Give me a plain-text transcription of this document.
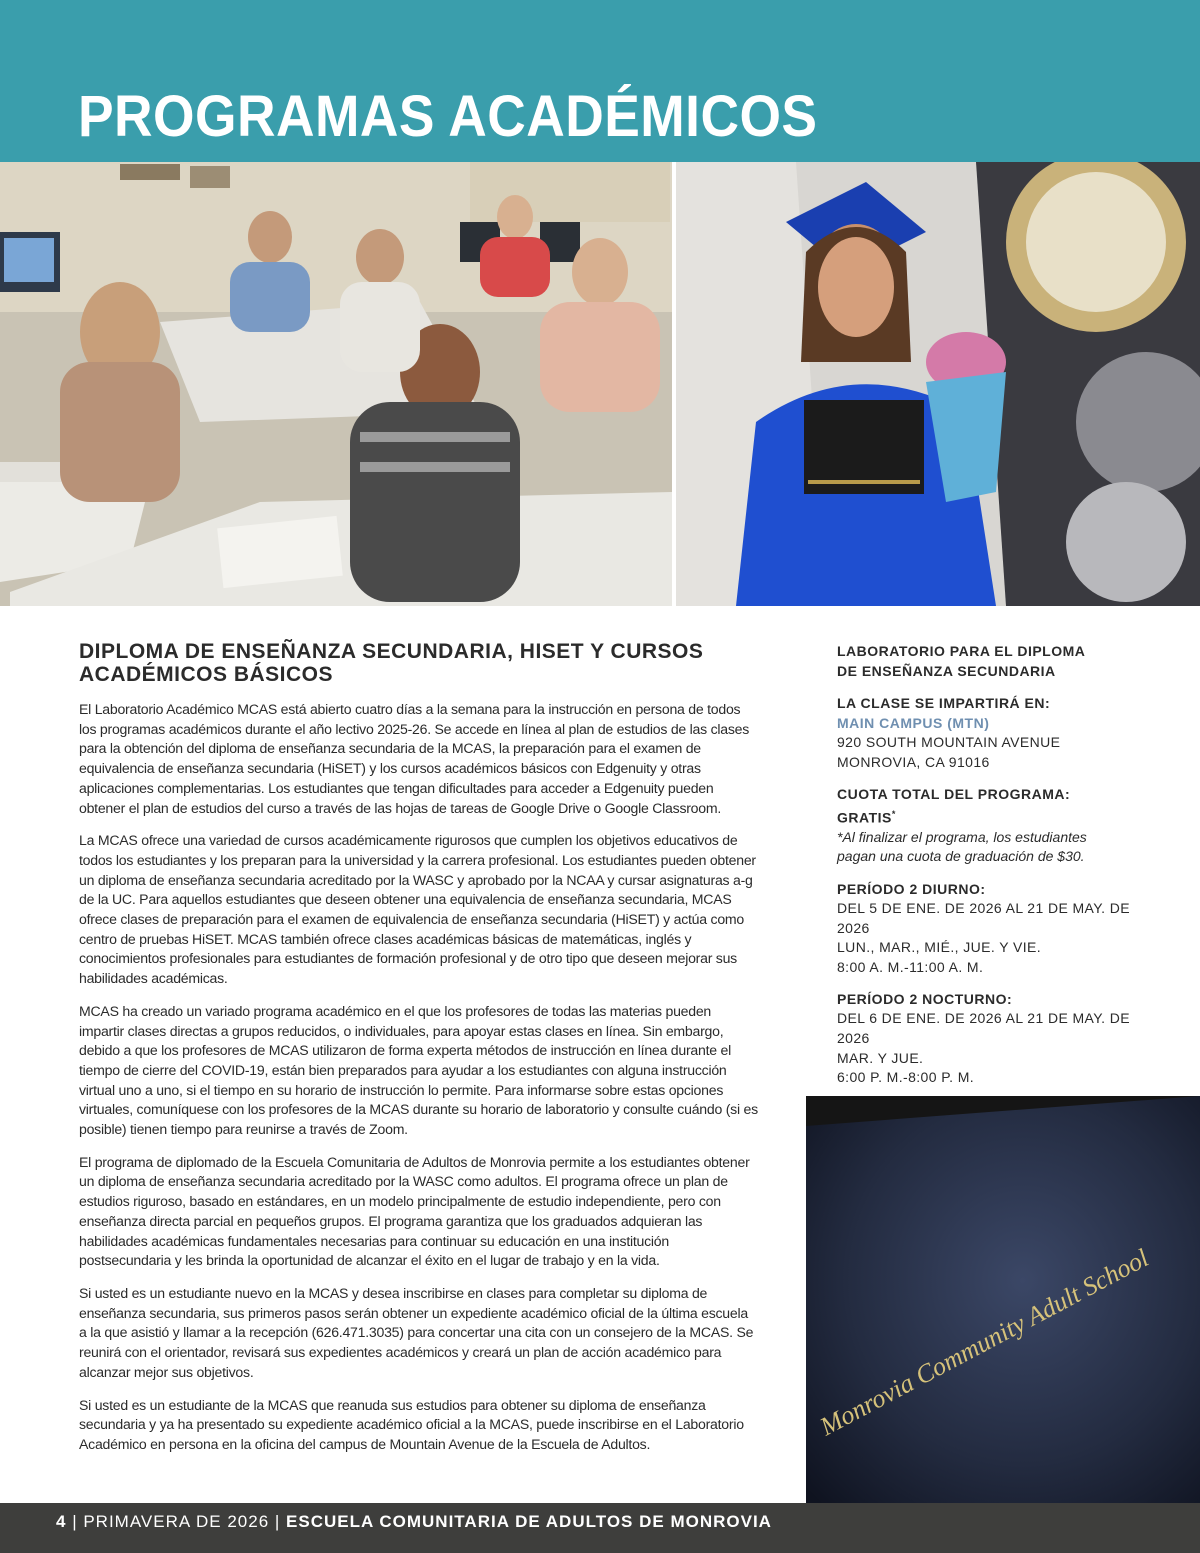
PROGRAMAS ACADÉMICOS
DIPLOMA DE ENSEÑANZA SECUNDARIA, HISET Y CURSOS ACADÉMICOS BÁSICOS

El Laboratorio Académico MCAS está abierto cuatro días a la semana para la instrucción en persona de todos los programas académicos durante el año lectivo 2025-26. Se accede en línea al plan de estudios de las clases para la obtención del diploma de enseñanza secundaria de la MCAS, la preparación para el examen de equivalencia de enseñanza secundaria (HiSET) y los cursos académicos básicos con Edgenuity y otras aplicaciones complementarias. Los estudiantes que tengan dificultades para acceder a Edgenuity pueden obtener el plan de estudios del curso a través de las hojas de tareas de Google Drive o Google Classroom.

La MCAS ofrece una variedad de cursos académicamente rigurosos que cumplen los objetivos educativos de todos los estudiantes y los preparan para la universidad y la carrera profesional. Los estudiantes pueden obtener un diploma de enseñanza secundaria acreditado por la WASC y aprobado por la NCAA y cursar asignaturas a-g de la UC. Para aquellos estudiantes que deseen obtener una equivalencia de enseñanza secundaria, MCAS ofrece clases de preparación para el examen de equivalencia de enseñanza secundaria (HiSET) y actúa como centro de pruebas HiSET. MCAS también ofrece clases académicas básicas de matemáticas, inglés y conocimientos profesionales para estudiantes de formación profesional y de otro tipo que deseen mejorar sus habilidades académicas.

MCAS ha creado un variado programa académico en el que los profesores de todas las materias pueden impartir clases directas a grupos reducidos, o individuales, para apoyar estas clases en línea. Sin embargo, debido a que los profesores de MCAS utilizaron de forma experta métodos de instrucción en línea durante el tiempo de cierre del COVID-19, están bien preparados para ayudar a los estudiantes con alguna instrucción virtual uno a uno, si el tiempo en su horario de instrucción lo permite. Para informarse sobre estas opciones virtuales, comuníquese con los profesores de la MCAS durante su horario de laboratorio y consulte cuándo (si es posible) tienen tiempo para reunirse a través de Zoom.

El programa de diplomado de la Escuela Comunitaria de Adultos de Monrovia permite a los estudiantes obtener un diploma de enseñanza secundaria acreditado por la WASC como adultos. El programa ofrece un plan de estudios riguroso, basado en estándares, en un modelo principalmente de estudio independiente, pero con enseñanza directa parcial en pequeños grupos. El programa garantiza que los graduados adquieran las habilidades académicas fundamentales necesarias para continuar su educación en una institución postsecundaria y les brinda la oportunidad de alcanzar el éxito en el lugar de trabajo y en la vida.

Si usted es un estudiante nuevo en la MCAS y desea inscribirse en clases para completar su diploma de enseñanza secundaria, sus primeros pasos serán obtener un expediente académico oficial de la última escuela a la que asistió y llamar a la recepción (626.471.3035) para concertar una cita con un consejero de la MCAS. Se reunirá con el orientador, revisará sus expedientes académicos y creará un plan de acción académico para alcanzar mejor sus objetivos.

Si usted es un estudiante de la MCAS que reanuda sus estudios para obtener su diploma de enseñanza secundaria y ya ha presentado su expediente académico oficial a la MCAS, puede inscribirse en el Laboratorio Académico en persona en la oficina del campus de Mountain Avenue de la Escuela de Adultos.

LABORATORIO PARA EL DIPLOMA
DE ENSEÑANZA SECUNDARIA
LA CLASE SE IMPARTIRÁ EN:
MAIN CAMPUS (MTN)
920 SOUTH MOUNTAIN AVENUE
MONROVIA, CA 91016
CUOTA TOTAL DEL PROGRAMA:
GRATIS*
*Al finalizar el programa, los estudiantes
pagan una cuota de graduación de $30.
PERÍODO 2 DIURNO:
DEL 5 DE ENE. DE 2026 AL 21 DE MAY. DE 2026
LUN., MAR., MIÉ., JUE. Y VIE.
8:00 A. M.-11:00 A. M.
PERÍODO 2 NOCTURNO:
DEL 6 DE ENE. DE 2026 AL 21 DE MAY. DE 2026
MAR. Y JUE.
6:00 P. M.-8:00 P. M.
Monrovia Community Adult School
4 | PRIMAVERA DE 2026 | ESCUELA COMUNITARIA DE ADULTOS DE MONROVIA
